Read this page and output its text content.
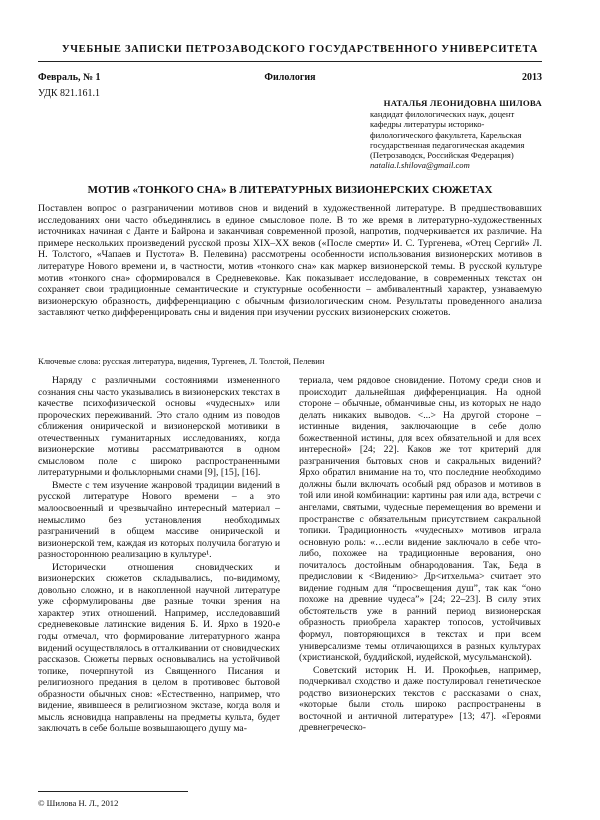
УЧЕБНЫЕ ЗАПИСКИ ПЕТРОЗАВОДСКОГО ГОСУДАРСТВЕННОГО УНИВЕРСИТЕТА
Филология
Февраль, № 1	2013
УДК 821.161.1
НАТАЛЬЯ ЛЕОНИДОВНА ШИЛОВА
кандидат филологических наук, доцент кафедры литературы историко-филологического факультета, Карельская государственная педагогическая академия (Петрозаводск, Российская Федерация)
natalia.l.shilova@gmail.com
МОТИВ «ТОНКОГО СНА» В ЛИТЕРАТУРНЫХ ВИЗИОНЕРСКИХ СЮЖЕТАХ
Поставлен вопрос о разграничении мотивов снов и видений в художественной литературе. В предшествовавших исследованиях они часто объединялись в единое смысловое поле. В то же время в литературно-художественных источниках начиная с Данте и Байрона и заканчивая современной прозой, напротив, подчеркивается их различие. На примере нескольких произведений русской прозы XIX–XX веков («После смерти» И. С. Тургенева, «Отец Сергий» Л. Н. Толстого, «Чапаев и Пустота» В. Пелевина) рассмотрены особенности использования визионерских мотивов в литературе Нового времени и, в частности, мотив «тонкого сна» как маркер визионерской темы. В русской культуре мотив «тонкого сна» сформировался в Средневековье. Как показывает исследование, в современных текстах он сохраняет свои традиционные семантические и стуктурные особенности – амбивалентный характер, узнаваемую визионерскую образность, дифференциацию с обычным физиологическим сном. Результаты проведенного анализа заставляют четко дифференцировать сны и видения при изучении русских визионерских сюжетов.
Ключевые слова: русская литература, видения, Тургенев, Л. Толстой, Пелевин

Наряду с различными состояниями измененного сознания сны часто указывались в визионерских текстах в качестве психофизической основы «чудесных» или пророческих переживаний. Это стало одним из поводов сближения онирической и визионерской мотивики в отечественных гуманитарных исследованиях, когда визионерские мотивы рассматриваются в одном смысловом поле с широко распространенными литературными и фольклорными снами [9], [15], [16].

Вместе с тем изучение жанровой традиции видений в русской литературе Нового времени – а это малоосвоенный и чрезвычайно интересный материал – немыслимо без установления необходимых разграничений в общем массиве онирической и визионерской тем, каждая из которых получила богатую и разностороннюю реализацию в культуре¹.

Исторически отношения сновидческих и визионерских сюжетов складывались, по-видимому, довольно сложно, и в накопленной научной литературе уже сформулированы две разные точки зрения на характер этих отношений. Например, исследовавший средневековые латинские видения Б. И. Ярхо в 1920-е годы отмечал, что формирование литературного жанра видений осуществлялось в отталкивании от сновидческих рассказов. Сюжеты первых основывались на устойчивой топике, почерпнутой из Священного Писания и религиозного предания в целом в противовес бытовой образности обычных снов: «Естественно, например, что видение, явившееся в религиозном экстазе, когда воля и мысль ясновидца направлены на предметы культа, будет заключать в себе больше возвышающего душу ма-

териала, чем рядовое сновидение. Потому среди снов и происходит дальнейшая дифференциация. На одной стороне – обычные, обманчивые сны, из которых не надо делать никаких выводов. <...> На другой стороне – истинные видения, заключающие в себе долю божественной истины, для всех обязательной и для всех интересной» [24; 22]. Каков же тот критерий для разграничения бытовых снов и сакральных видений? Ярхо обратил внимание на то, что последние необходимо должны были включать особый ряд образов и мотивов в той или иной комбинации: картины рая или ада, встречи с ангелами, святыми, чудесные перемещения во времени и пространстве с обязательным присутствием сакральной топики. Традиционность «чудесных» мотивов играла основную роль: «…если видение заключало в себе что-либо, похожее на традиционные верования, оно почиталось достойным обнародования. Так, Беда в предисловии к <Видению> Др<итхельма> считает это видение годным для “просвещения душ”, так как “оно похоже на древние чудеса”» [24; 22–23]. В силу этих обстоятельств уже в ранний период визионерская образность приобрела характер топосов, устойчивых формул, повторяющихся в текстах и при всем универсализме темы отличающихся в разных культурах (христианской, буддийской, иудейской, мусульманской).

Советский историк Н. И. Прокофьев, например, подчеркивал сходство и даже постулировал генетическое родство визионерских текстов с рассказами о снах, «которые были столь широко распространены в восточной и античной литературе» [13; 47]. «Героями древнегреческо-

© Шилова Н. Л., 2012
